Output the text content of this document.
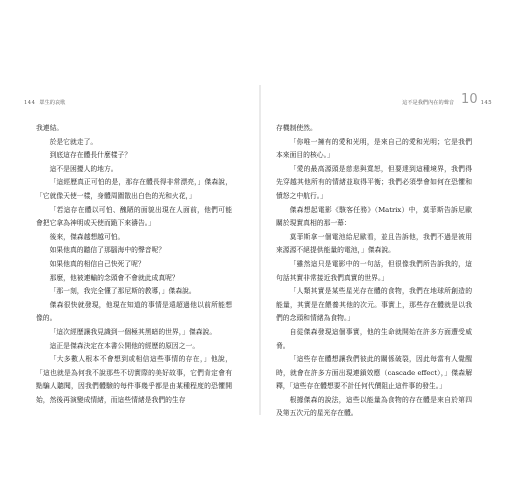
144 眾生的哀歌

我連結。

於是它就走了。

到底這存在體長什麼樣子？

這不是困擾人的地方。

「這經歷真正可怕的是，那存在體長得非常漂亮，」傑森說，「它就像天使一樣，身體周圍散出白色的光和火花，」

「若這存在體以可怕、醜陋的面貌出現在人面前，他們可能會把它拿為神明或天使而跪下來禱告。」

後來，傑森越想越可怕。

如果他真的聽信了那腦海中的聲音呢？

如果他真的相信自己快死了呢？

那麼，他被連輸的念頭會不會就此成真呢？

「那一刻，我完全懂了那尼斯的教導，」傑森說。

傑森很快就發現，他現在知道的事情是遠超過他以前所能想像的。

「這次經歷讓我見識到一個極其黑暗的世界，」傑森說。

這正是傑森決定在本書公開他的經歷的原因之一。

「大多數人根本不會想到或相信這些事情的存在，」他說，「這也就是為何我不說那些不切實際的美好故事，它們肯定會有點騙人聽聞，因我們體驗的每件事幾乎都是由某種程度的恐懼開始，然後再演變成情緒，而這些情緒是我們的生存

這不是我們內在的聲音 10 145

存機制使然。

「你唯一擁有的愛和光明，是來自己的愛和光明；它是我們本來面目的核心。」

「愛的最高源頭是慈悲與寬恕，但要達到這種境界，我們得先穿越其他所有的情緒並取得平衡；我們必須學會如何在恐懼和憤怒之中航行。」

傑森想起電影《駭客任務》（Matrix）中，莫菲斯告訴尼歐關於現實真相的那一幕：

莫菲斯拿一個電池給尼歐看，並且告訴他，我們不過是被用來源源不絕提供能量的電池，」傑森說。

「雖然這只是電影中的一句話，但很像我們所告訴我的，這句話其實非常接近我們真實的世界。」

「人類其實是某些星光存在體的食物，我們在地球所創造的能量，其實是在餵養其他的次元。事實上，那些存在體就是以我們的念頭和情緒為食物。」

自從傑森發現這個事實，他的生命就開始在許多方面遭受威脅。

「這些存在體想讓我們彼此的關係破裂，因此每當有人覺醒時，就會在許多方面出現連鎖效應（cascade effect），」傑森解釋，「這些存在體想要不計任何代價阻止這件事的發生。」

根據傑森的說法，這些以能量為食物的存在體是來自於第四及第五次元的星光存在體。
